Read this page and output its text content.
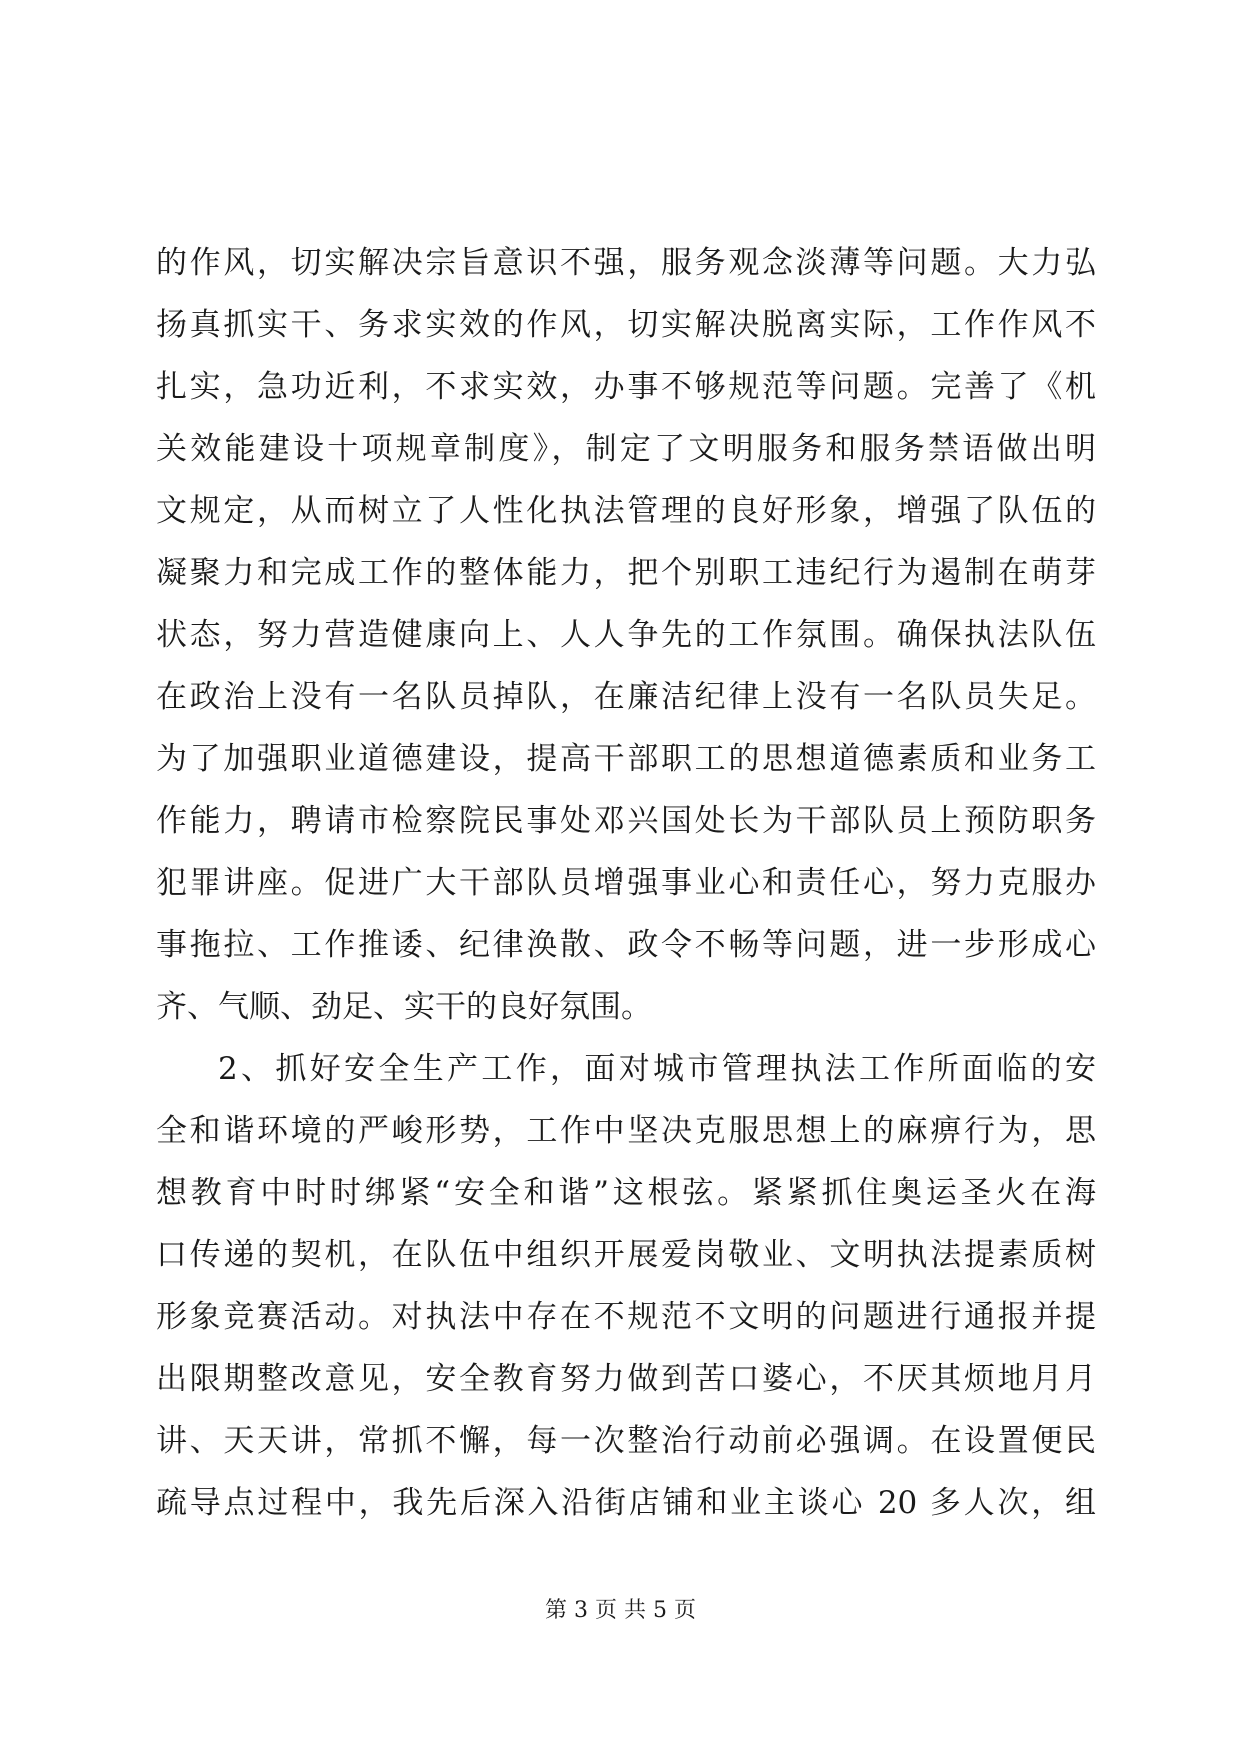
的作风，切实解决宗旨意识不强，服务观念淡薄等问题。大力弘
扬真抓实干、务求实效的作风，切实解决脱离实际，工作作风不
扎实，急功近利，不求实效，办事不够规范等问题。完善了《机
关效能建设十项规章制度》，制定了文明服务和服务禁语做出明
文规定，从而树立了人性化执法管理的良好形象，增强了队伍的
凝聚力和完成工作的整体能力，把个别职工违纪行为遏制在萌芽
状态，努力营造健康向上、人人争先的工作氛围。确保执法队伍
在政治上没有一名队员掉队，在廉洁纪律上没有一名队员失足。
为了加强职业道德建设，提高干部职工的思想道德素质和业务工
作能力，聘请市检察院民事处邓兴国处长为干部队员上预防职务
犯罪讲座。促进广大干部队员增强事业心和责任心，努力克服办
事拖拉、工作推诿、纪律涣散、政令不畅等问题，进一步形成心
齐、气顺、劲足、实干的良好氛围。
2、抓好安全生产工作，面对城市管理执法工作所面临的安
全和谐环境的严峻形势，工作中坚决克服思想上的麻痹行为，思
想教育中时时绑紧“安全和谐”这根弦。紧紧抓住奥运圣火在海
口传递的契机，在队伍中组织开展爱岗敬业、文明执法提素质树
形象竞赛活动。对执法中存在不规范不文明的问题进行通报并提
出限期整改意见，安全教育努力做到苦口婆心，不厌其烦地月月
讲、天天讲，常抓不懈，每一次整治行动前必强调。在设置便民
疏导点过程中，我先后深入沿街店铺和业主谈心 20 多人次，组
第 3 页 共 5 页
